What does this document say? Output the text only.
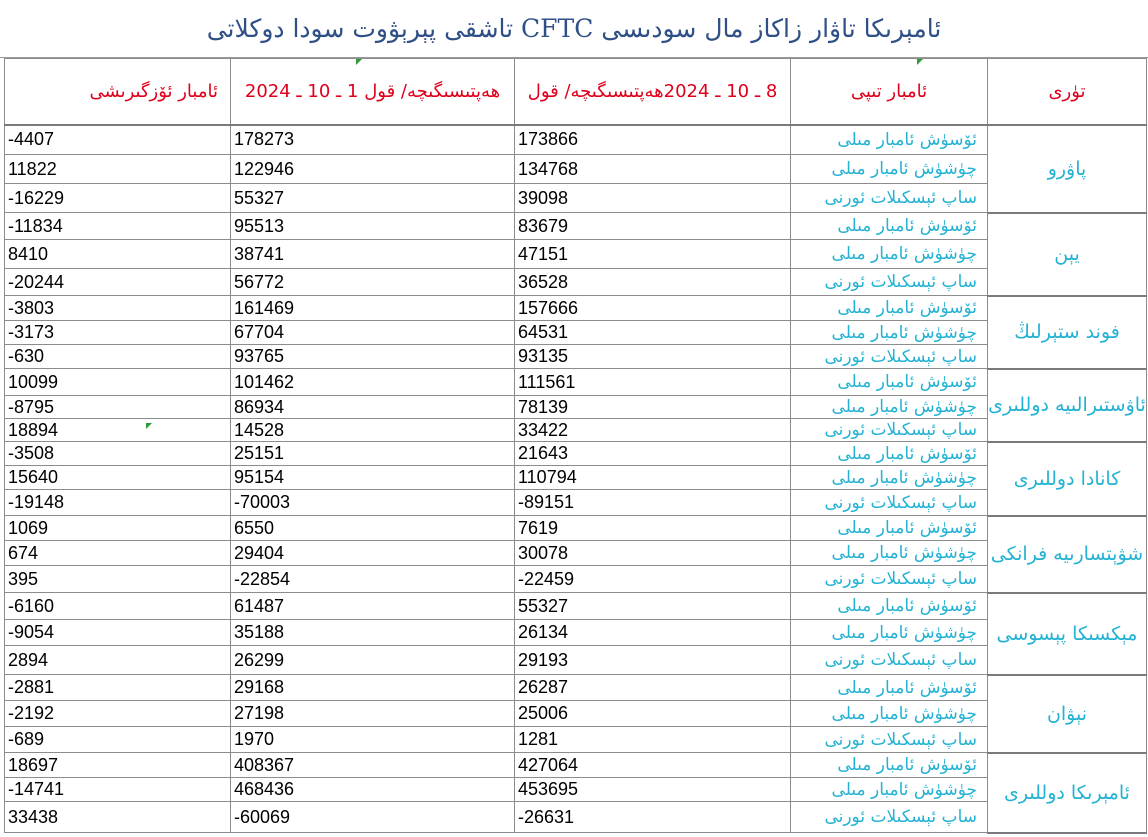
ئامېرىكا تاۋار زاكاز مال سودىسى CFTC تاشقى پېرېۋوت سودا دوكلاتى
تۈرى	ئامبار تىپى	8 ـ 10 ـ 2024ھەپتىسىگىچە/ قول	ھەپتىسىگىچە/ قول 1 ـ 10 ـ 2024	ئامبار ئۆزگىرىشى
پاۋرو	ئۆسۈش ئامبار مىلى	173866	178273	-4407
	چۈشۈش ئامبار مىلى	134768	122946	11822
	ساپ ئېسكىلات ئورنى	39098	55327	-16229
يېن	ئۆسۈش ئامبار مىلى	83679	95513	-11834
	چۈشۈش ئامبار مىلى	47151	38741	8410
	ساپ ئېسكىلات ئورنى	36528	56772	-20244
فوند ستېرلىڭ	ئۆسۈش ئامبار مىلى	157666	161469	-3803
	چۈشۈش ئامبار مىلى	64531	67704	-3173
	ساپ ئېسكىلات ئورنى	93135	93765	-630
ئاۋستىرالىيە دوللىرى	ئۆسۈش ئامبار مىلى	111561	101462	10099
	چۈشۈش ئامبار مىلى	78139	86934	-8795
	ساپ ئېسكىلات ئورنى	33422	14528	18894
كانادا دوللىرى	ئۆسۈش ئامبار مىلى	21643	25151	-3508
	چۈشۈش ئامبار مىلى	110794	95154	15640
	ساپ ئېسكىلات ئورنى	-89151	-70003	-19148
شۋېتسارىيە فرانكى	ئۆسۈش ئامبار مىلى	7619	6550	1069
	چۈشۈش ئامبار مىلى	30078	29404	674
	ساپ ئېسكىلات ئورنى	-22459	-22854	395
مېكسىكا پېسوسى	ئۆسۈش ئامبار مىلى	55327	61487	-6160
	چۈشۈش ئامبار مىلى	26134	35188	-9054
	ساپ ئېسكىلات ئورنى	29193	26299	2894
نېۋان	ئۆسۈش ئامبار مىلى	26287	29168	-2881
	چۈشۈش ئامبار مىلى	25006	27198	-2192
	ساپ ئېسكىلات ئورنى	1281	1970	-689
ئامېرىكا دوللىرى	ئۆسۈش ئامبار مىلى	427064	408367	18697
	چۈشۈش ئامبار مىلى	453695	468436	-14741
	ساپ ئېسكىلات ئورنى	-26631	-60069	33438
